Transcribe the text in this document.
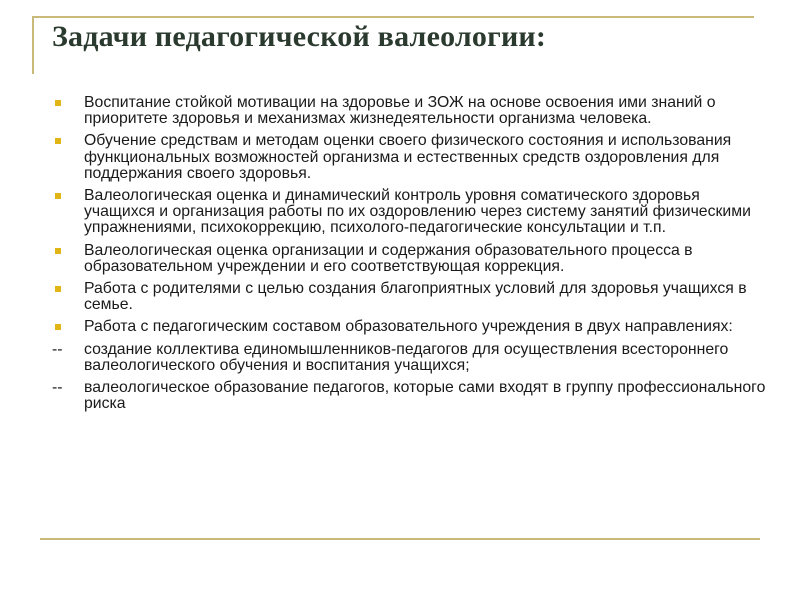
Задачи педагогической валеологии:
Воспитание стойкой мотивации на здоровье и ЗОЖ на основе освоения ими знаний о приоритете здоровья и механизмах жизнедеятельности организма человека.
Обучение средствам и методам оценки своего физического состояния и использования функциональных возможностей организма и естественных средств оздоровления для поддержания своего здоровья.
Валеологическая оценка и динамический контроль уровня соматического здоровья учащихся и организация работы по их оздоровлению через систему занятий физическими упражнениями, психокоррекцию, психолого-педагогические консультации и т.п.
Валеологическая оценка организации и содержания образовательного процесса в образовательном учреждении и его соответствующая коррекция.
Работа с родителями с целью создания благоприятных условий для здоровья учащихся в семье.
Работа с педагогическим составом образовательного учреждения в двух направлениях:
-- создание коллектива единомышленников-педагогов для осуществления всестороннего валеологического обучения и воспитания учащихся;
-- валеологическое образование педагогов, которые сами входят в группу профессионального риска
